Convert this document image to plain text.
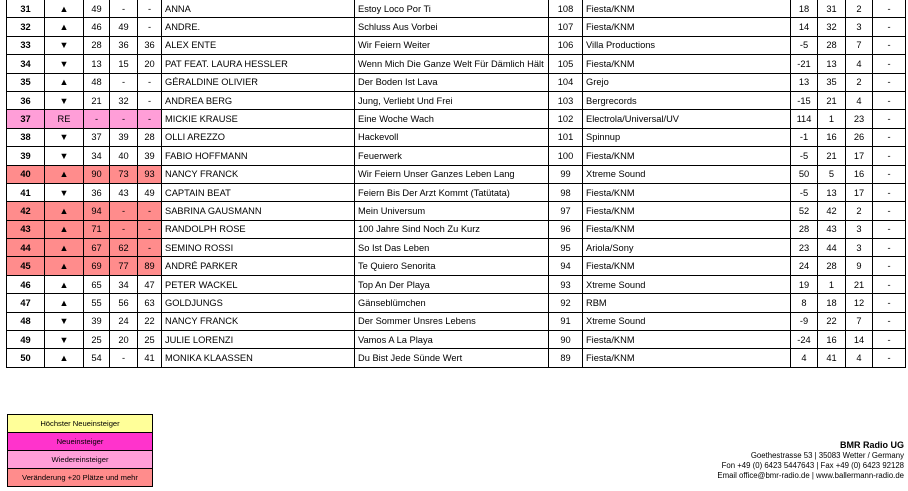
31	▲	49	-	-	ANNA	Estoy Loco Por Ti	108	Fiesta/KNM	18	31	2	-
32	▲	46	49	-	ANDRE.	Schluss Aus Vorbei	107	Fiesta/KNM	14	32	3	-
33	▼	28	36	36	ALEX ENTE	Wir Feiern Weiter	106	Villa Productions	-5	28	7	-
34	▼	13	15	20	PAT FEAT. LAURA HESSLER	Wenn Mich Die Ganze Welt Für Dämlich Hält	105	Fiesta/KNM	-21	13	4	-
35	▲	48	-	-	GÉRALDINE OLIVIER	Der Boden Ist Lava	104	Grejo	13	35	2	-
36	▼	21	32	-	ANDREA BERG	Jung, Verliebt Und Frei	103	Bergrecords	-15	21	4	-
37	RE	-	-	-	MICKIE KRAUSE	Eine Woche Wach	102	Electrola/Universal/UV	114	1	23	-
38	▼	37	39	28	OLLI AREZZO	Hackevoll	101	Spinnup	-1	16	26	-
39	▼	34	40	39	FABIO HOFFMANN	Feuerwerk	100	Fiesta/KNM	-5	21	17	-
40	▲	90	73	93	NANCY FRANCK	Wir Feiern Unser Ganzes Leben Lang	99	Xtreme Sound	50	5	16	-
41	▼	36	43	49	CAPTAIN BEAT	Feiern Bis Der Arzt Kommt (Tatütata)	98	Fiesta/KNM	-5	13	17	-
42	▲	94	-	-	SABRINA GAUSMANN	Mein Universum	97	Fiesta/KNM	52	42	2	-
43	▲	71	-	-	RANDOLPH ROSE	100 Jahre Sind Noch Zu Kurz	96	Fiesta/KNM	28	43	3	-
44	▲	67	62	-	SEMINO ROSSI	So Ist Das Leben	95	Ariola/Sony	23	44	3	-
45	▲	69	77	89	ANDRÉ PARKER	Te Quiero Senorita	94	Fiesta/KNM	24	28	9	-
46	▲	65	34	47	PETER WACKEL	Top An Der Playa	93	Xtreme Sound	19	1	21	-
47	▲	55	56	63	GOLDJUNGS	Gänseblümchen	92	RBM	8	18	12	-
48	▼	39	24	22	NANCY FRANCK	Der Sommer Unsres Lebens	91	Xtreme Sound	-9	22	7	-
49	▼	25	20	25	JULIE LORENZI	Vamos A La Playa	90	Fiesta/KNM	-24	16	14	-
50	▲	54	-	41	MONIKA KLAASSEN	Du Bist Jede Sünde Wert	89	Fiesta/KNM	4	41	4	-
Höchster Neueinsteiger
Neueinsteiger
Wiedereinsteiger
Veränderung +20 Plätze und mehr
BMR Radio UG
Goethestrasse 53 | 35083 Wetter / Germany
Fon +49 (0) 6423 5447643 | Fax +49 (0) 6423 92128
Email office@bmr-radio.de | www.ballermann-radio.de
